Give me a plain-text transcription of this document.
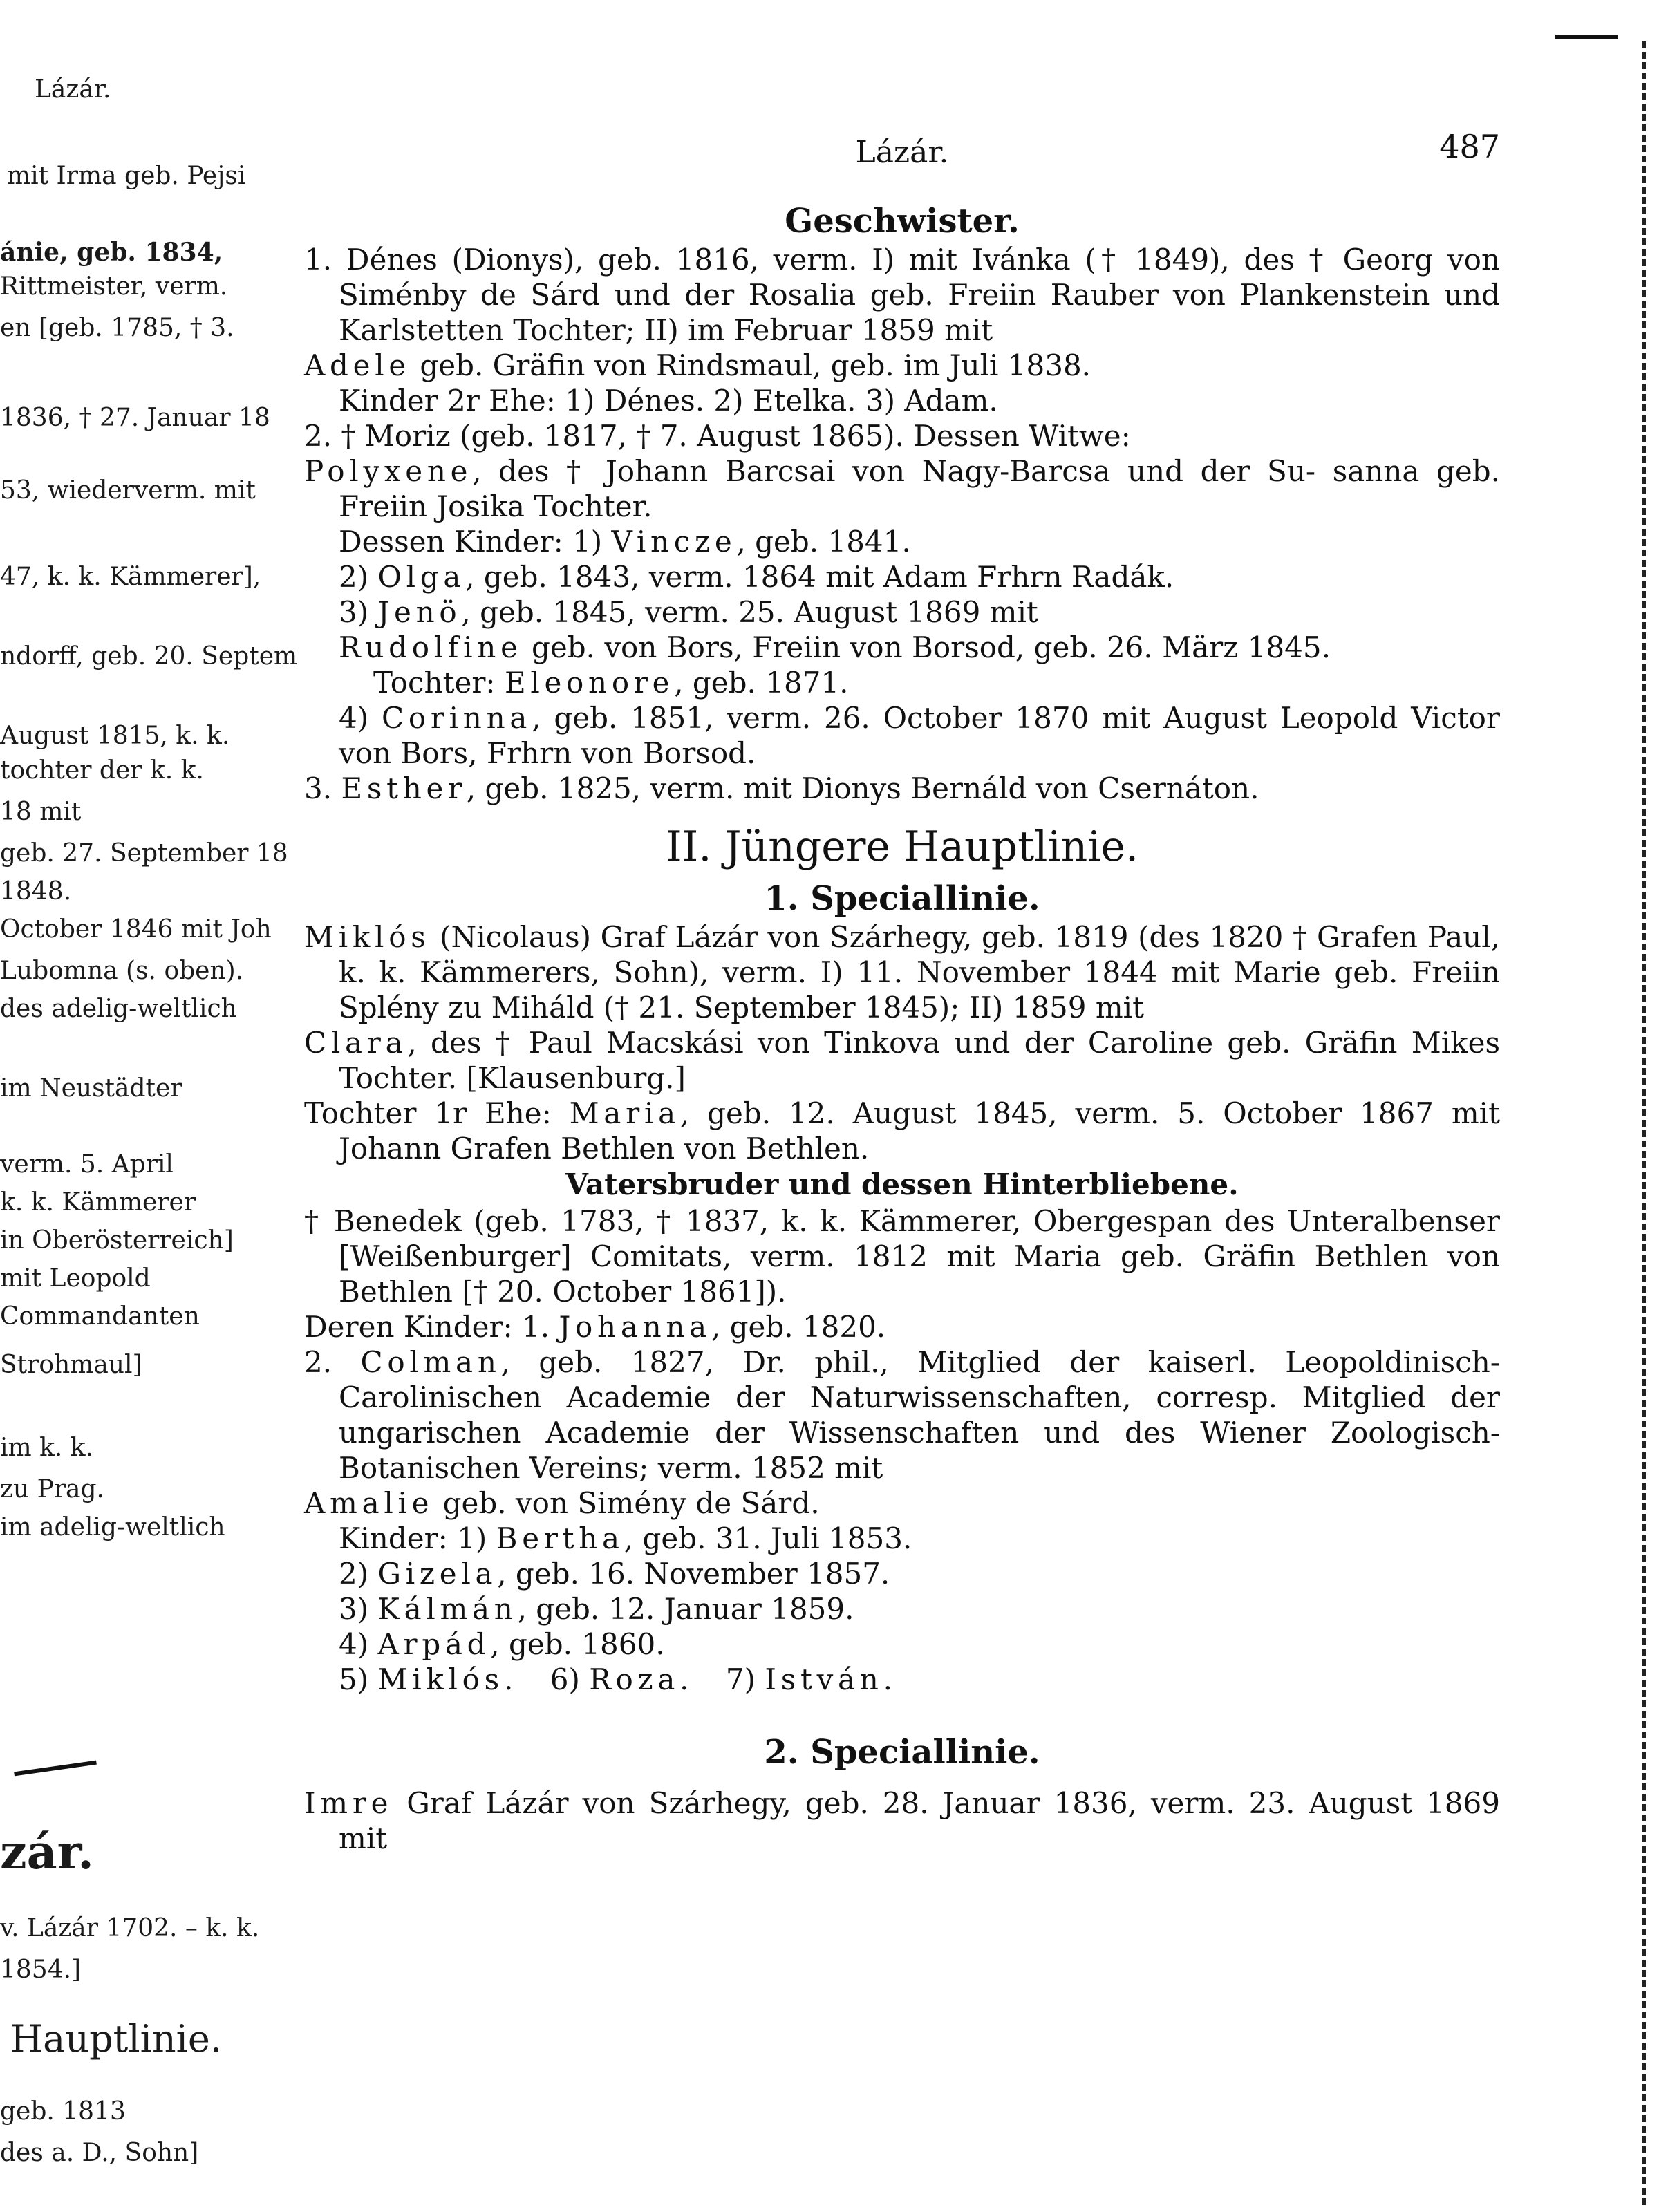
Lázár.
mit Irma geb. Pejsi
ánie, geb. 1834,
Rittmeister, verm.
en [geb. 1785, † 3.
1836, † 27. Januar 18
53, wiederverm. mit
47, k. k. Kämmerer],
ndorff, geb. 20. Septem
August 1815, k. k.
tochter der k. k.
18 mit
geb. 27. September 18
1848.
October 1846 mit Joh
Lubomna (s. oben).
des adelig-weltlich
im Neustädter
verm. 5. April
k. k. Kämmerer
in Oberösterreich]
mit Leopold
Commandanten
Strohmaul]
im k. k.
zu Prag.
im adelig-weltlich
zár.
v. Lázár 1702. – k. k.
1854.]
Hauptlinie.
geb. 1813
des a. D., Sohn]
Lázár.	487

Geschwister.

1. Dénes (Dionys), geb. 1816, verm. I) mit Ivánka († 1849), des † Georg von Siménby de Sárd und der Rosalia geb. Freiin Rauber von Plankenstein und Karlstetten Tochter; II) im Februar 1859 mit

Adele geb. Gräfin von Rindsmaul, geb. im Juli 1838.

Kinder 2r Ehe: 1) Dénes. 2) Etelka. 3) Adam.

2. † Moriz (geb. 1817, † 7. August 1865). Dessen Witwe:

Polyxene, des † Johann Barcsai von Nagy-Barcsa und der Su- sanna geb. Freiin Josika Tochter.

Dessen Kinder: 1) Vincze, geb. 1841.

2) Olga, geb. 1843, verm. 1864 mit Adam Frhrn Radák.

3) Jenö, geb. 1845, verm. 25. August 1869 mit

Rudolfine geb. von Bors, Freiin von Borsod, geb. 26. März 1845.

Tochter: Eleonore, geb. 1871.

4) Corinna, geb. 1851, verm. 26. October 1870 mit August Leopold Victor von Bors, Frhrn von Borsod.

3. Esther, geb. 1825, verm. mit Dionys Bernáld von Csernáton.

II. Jüngere Hauptlinie.

1. Speciallinie.

Miklós (Nicolaus) Graf Lázár von Szárhegy, geb. 1819 (des 1820 † Grafen Paul, k. k. Kämmerers, Sohn), verm. I) 11. November 1844 mit Marie geb. Freiin Splény zu Miháld († 21. September 1845); II) 1859 mit

Clara, des † Paul Macskási von Tinkova und der Caroline geb. Gräfin Mikes Tochter. [Klausenburg.]

Tochter 1r Ehe: Maria, geb. 12. August 1845, verm. 5. October 1867 mit Johann Grafen Bethlen von Bethlen.

Vatersbruder und dessen Hinterbliebene.

† Benedek (geb. 1783, † 1837, k. k. Kämmerer, Obergespan des Unteralbenser [Weißenburger] Comitats, verm. 1812 mit Maria geb. Gräfin Bethlen von Bethlen [† 20. October 1861]).

Deren Kinder: 1. Johanna, geb. 1820.

2. Colman, geb. 1827, Dr. phil., Mitglied der kaiserl. Leopoldinisch-Carolinischen Academie der Naturwissenschaften, corresp. Mitglied der ungarischen Academie der Wissenschaften und des Wiener Zoologisch-Botanischen Vereins; verm. 1852 mit

Amalie geb. von Simény de Sárd.

Kinder: 1) Bertha, geb. 31. Juli 1853.

2) Gizela, geb. 16. November 1857.

3) Kálmán, geb. 12. Januar 1859.

4) Arpád, geb. 1860.

5) Miklós.    6) Roza.    7) István.

2. Speciallinie.

Imre Graf Lázár von Szárhegy, geb. 28. Januar 1836, verm. 23. August 1869 mit
